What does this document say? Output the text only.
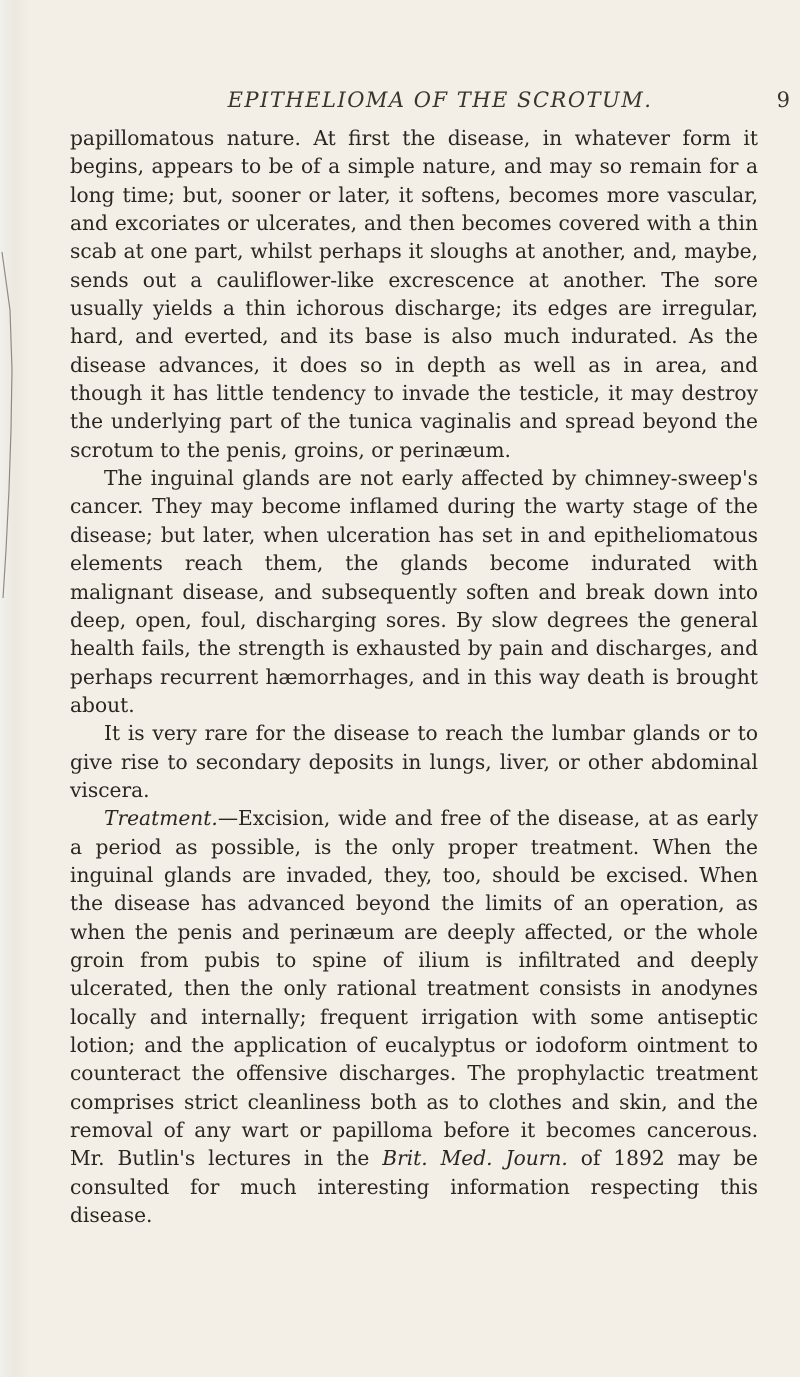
EPITHELIOMA OF THE SCROTUM.	9

papillomatous nature. At first the disease, in whatever form it begins, appears to be of a simple nature, and may so remain for a long time; but, sooner or later, it softens, becomes more vascular, and excoriates or ulcerates, and then becomes covered with a thin scab at one part, whilst perhaps it sloughs at another, and, maybe, sends out a cauliflower-like excrescence at another. The sore usually yields a thin ichorous discharge; its edges are irregular, hard, and everted, and its base is also much indurated. As the disease advances, it does so in depth as well as in area, and though it has little tendency to invade the testicle, it may destroy the underlying part of the tunica vaginalis and spread beyond the scrotum to the penis, groins, or perinæum.

The inguinal glands are not early affected by chimney-sweep's cancer. They may become inflamed during the warty stage of the disease; but later, when ulceration has set in and epitheliomatous elements reach them, the glands become indurated with malignant disease, and subsequently soften and break down into deep, open, foul, discharging sores. By slow degrees the general health fails, the strength is exhausted by pain and discharges, and perhaps recurrent hæmorrhages, and in this way death is brought about.

It is very rare for the disease to reach the lumbar glands or to give rise to secondary deposits in lungs, liver, or other abdominal viscera.

Treatment.—Excision, wide and free of the disease, at as early a period as possible, is the only proper treatment. When the inguinal glands are invaded, they, too, should be excised. When the disease has advanced beyond the limits of an operation, as when the penis and perinæum are deeply affected, or the whole groin from pubis to spine of ilium is infiltrated and deeply ulcerated, then the only rational treatment consists in anodynes locally and internally; frequent irrigation with some antiseptic lotion; and the application of eucalyptus or iodoform ointment to counteract the offensive discharges. The prophylactic treatment comprises strict cleanliness both as to clothes and skin, and the removal of any wart or papilloma before it becomes cancerous. Mr. Butlin's lectures in the Brit. Med. Journ. of 1892 may be consulted for much interesting information respecting this disease.
